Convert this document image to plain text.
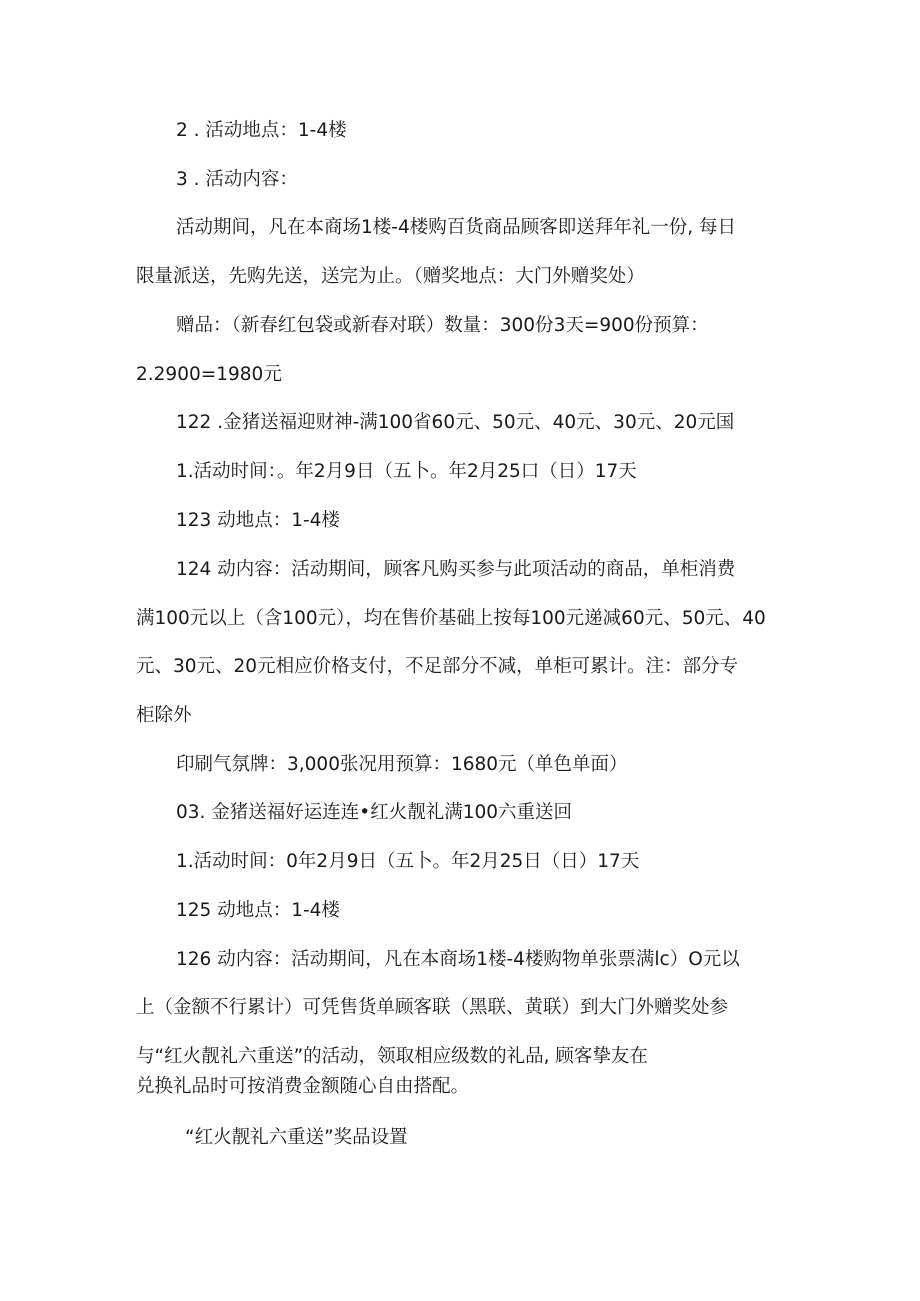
2 . 活动地点：1-4楼

3 . 活动内容：

活动期间，凡在本商场1楼-4楼购百货商品顾客即送拜年礼一份, 每日

限量派送，先购先送，送完为止。（赠奖地点：大门外赠奖处）

赠品：（新春红包袋或新春对联）数量：300份3天=900份预算：

2.2900=1980元

122 .金猪送福迎财神-满100省60元、50元、40元、30元、20元国

1.活动时间：。年2月9日（五卜。年2月25口（日）17天

123 动地点：1-4楼

124 动内容：活动期间，顾客凡购买参与此项活动的商品，单柜消费

满100元以上（含100元），均在售价基础上按每100元递减60元、50元、40

元、30元、20元相应价格支付，不足部分不减，单柜可累计。注：部分专

柜除外

印刷气氛牌：3,000张况用预算：1680元（单色单面）

03. 金猪送福好运连连•红火靓礼满100六重送回

1.活动时间：0年2月9日（五卜。年2月25日（日）17天

125 动地点：1-4楼

126 动内容：活动期间，凡在本商场1楼-4楼购物单张票满lc）O元以

上（金额不行累计）可凭售货单顾客联（黑联、黄联）到大门外赠奖处参

与“红火靓礼六重送”的活动，领取相应级数的礼品, 顾客挚友在

兑换礼品时可按消费金额随心自由搭配。

“红火靓礼六重送”奖品设置
